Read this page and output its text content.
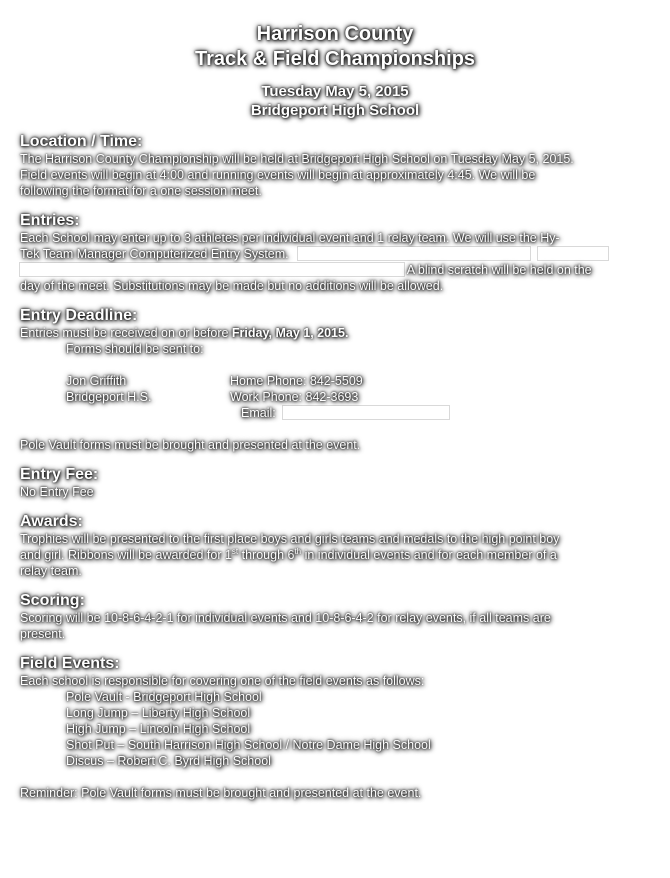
Harrison County
Track & Field Championships
Tuesday May 5, 2015
Bridgeport High School
Location / Time:
The Harrison County Championship will be held at Bridgeport High School on Tuesday May 5, 2015.
Field events will begin at 4:00 and running events will begin at approximately 4:45. We will be
following the format for a one session meet.
Entries:
Each School may enter up to 3 athletes per individual event and 1 relay team. We will use the Hy-
Tek Team Manager Computerized Entry System.
A blind scratch will be held on the
day of the meet. Substitutions may be made but no additions will be allowed.
Entry Deadline:
Entries must be received on or before Friday, May 1, 2015.
Forms should be sent to:
Jon Griffith	Home Phone: 842-5509
Bridgeport H.S.	Work Phone: 842-3693
Email:
Pole Vault forms must be brought and presented at the event.
Entry Fee:
No Entry Fee
Awards:
Trophies will be presented to the first place boys and girls teams and medals to the high point boy
and girl. Ribbons will be awarded for 1st through 6th in individual events and for each member of a
relay team.
Scoring:
Scoring will be 10-8-6-4-2-1 for individual events and 10-8-6-4-2 for relay events, if all teams are
present.
Field Events:
Each school is responsible for covering one of the field events as follows:
Pole Vault - Bridgeport High School
Long Jump – Liberty High School
High Jump – Lincoln High School
Shot Put – South Harrison High School / Notre Dame High School
Discus – Robert C. Byrd High School
Reminder: Pole Vault forms must be brought and presented at the event.
